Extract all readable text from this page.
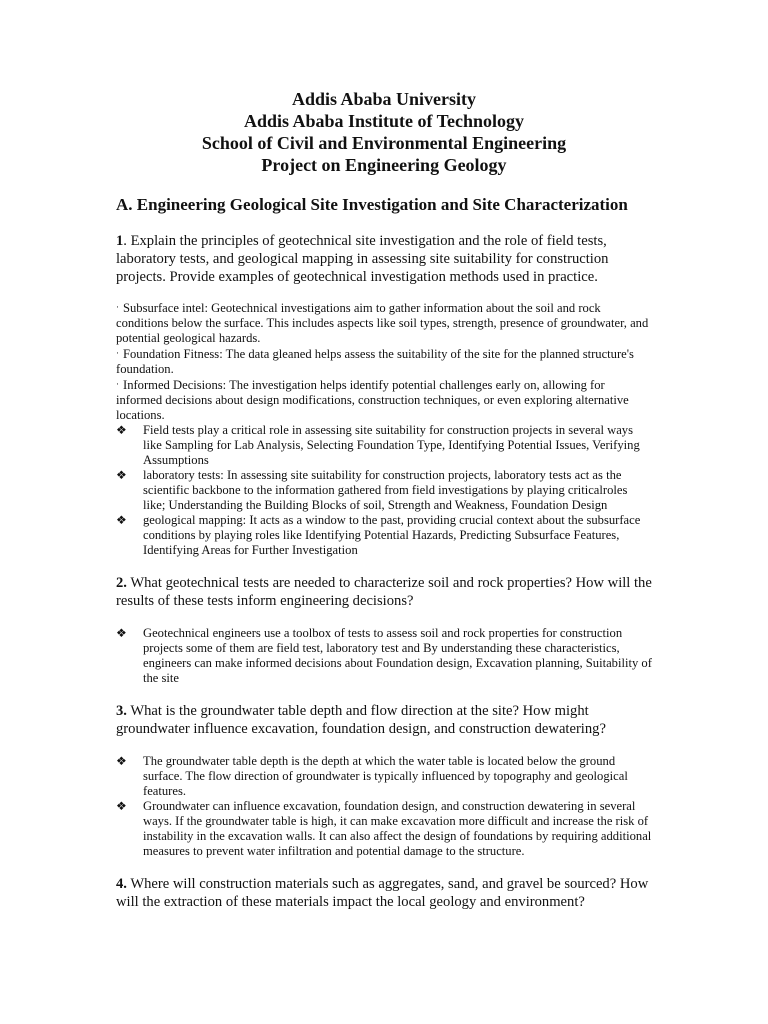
Addis Ababa University
Addis Ababa Institute of Technology
School of Civil and Environmental Engineering
Project on Engineering Geology
A. Engineering Geological Site Investigation and Site Characterization
1. Explain the principles of geotechnical site investigation and the role of field tests, laboratory tests, and geological mapping in assessing site suitability for construction projects. Provide examples of geotechnical investigation methods used in practice.
· Subsurface intel: Geotechnical investigations aim to gather information about the soil and rock conditions below the surface. This includes aspects like soil types, strength, presence of groundwater, and potential geological hazards.
· Foundation Fitness: The data gleaned helps assess the suitability of the site for the planned structure's foundation.
· Informed Decisions: The investigation helps identify potential challenges early on, allowing for informed decisions about design modifications, construction techniques, or even exploring alternative locations.
❖	Field tests play a critical role in assessing site suitability for construction projects in several ways like Sampling for Lab Analysis, Selecting Foundation Type, Identifying Potential Issues, Verifying Assumptions
❖	laboratory tests: In assessing site suitability for construction projects, laboratory tests act as the scientific backbone to the information gathered from field investigations by playing criticalroles like; Understanding the Building Blocks of soil, Strength and Weakness, Foundation Design
❖	geological mapping: It acts as a window to the past, providing crucial context about the subsurface conditions by playing roles like Identifying Potential Hazards, Predicting Subsurface Features, Identifying Areas for Further Investigation
2. What geotechnical tests are needed to characterize soil and rock properties? How will the results of these tests inform engineering decisions?
❖	Geotechnical engineers use a toolbox of tests to assess soil and rock properties for construction projects some of them are field test, laboratory test and By understanding these characteristics, engineers can make informed decisions about Foundation design, Excavation planning, Suitability of the site
3. What is the groundwater table depth and flow direction at the site? How might groundwater influence excavation, foundation design, and construction dewatering?
❖	The groundwater table depth is the depth at which the water table is located below the ground surface. The flow direction of groundwater is typically influenced by topography and geological features.
❖	Groundwater can influence excavation, foundation design, and construction dewatering in several ways. If the groundwater table is high, it can make excavation more difficult and increase the risk of instability in the excavation walls. It can also affect the design of foundations by requiring additional measures to prevent water infiltration and potential damage to the structure.
4. Where will construction materials such as aggregates, sand, and gravel be sourced? How will the extraction of these materials impact the local geology and environment?
